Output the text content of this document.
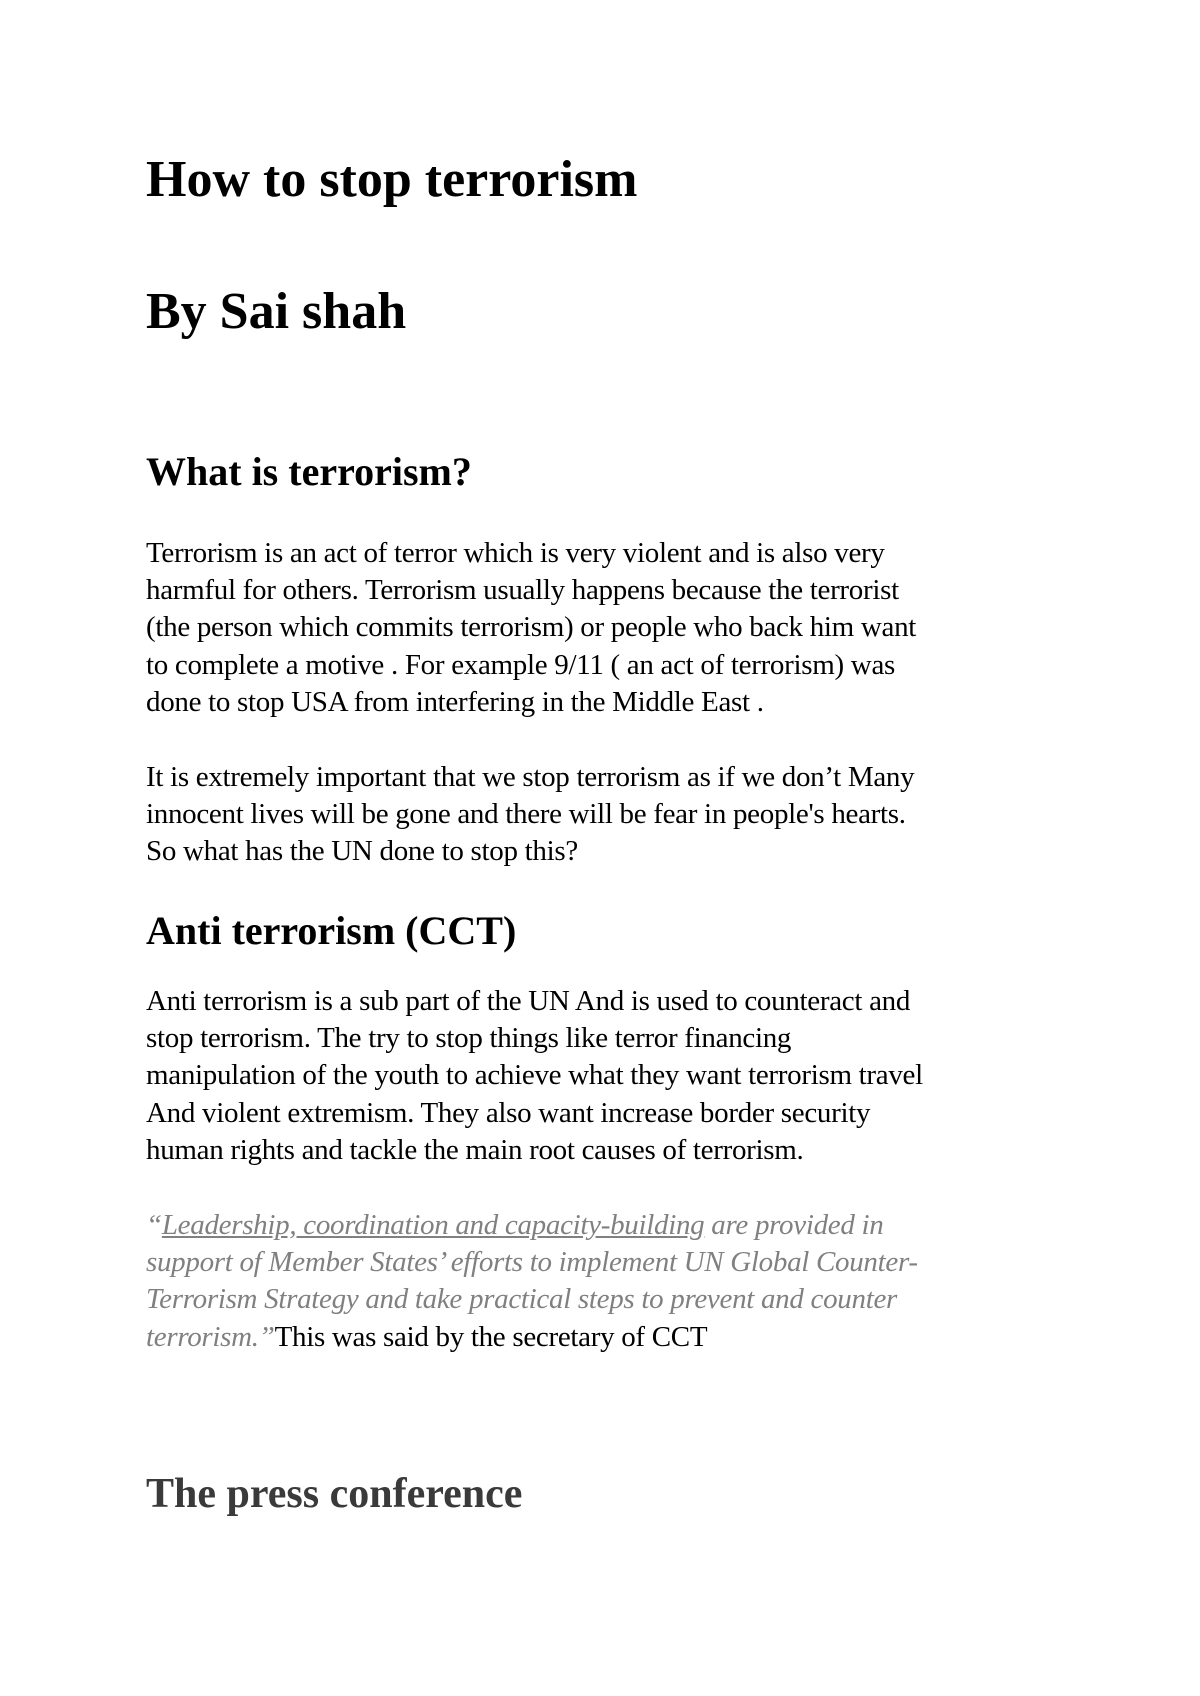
How to stop terrorism
By Sai shah
What is terrorism?

Terrorism is an act of terror which is very violent and is also very
harmful for others. Terrorism usually happens because the terrorist
(the person which commits terrorism) or people who back him want
to complete a motive . For example 9/11 ( an act of terrorism) was
done to stop USA from interfering in the Middle East .

It is extremely important that we stop terrorism as if we don’t Many
innocent lives will be gone and there will be fear in people's hearts.
So what has the UN done to stop this?

Anti terrorism (CCT)

Anti terrorism is a sub part of the UN And is used to counteract and
stop terrorism. The try to stop things like terror financing
manipulation of the youth to achieve what they want terrorism travel
And violent extremism. They also want increase border security
human rights and tackle the main root causes of terrorism.

“Leadership, coordination and capacity-building are provided in
support of Member States’ efforts to implement UN Global Counter-
Terrorism Strategy and take practical steps to prevent and counter
terrorism.”This was said by the secretary of CCT

The press conference
